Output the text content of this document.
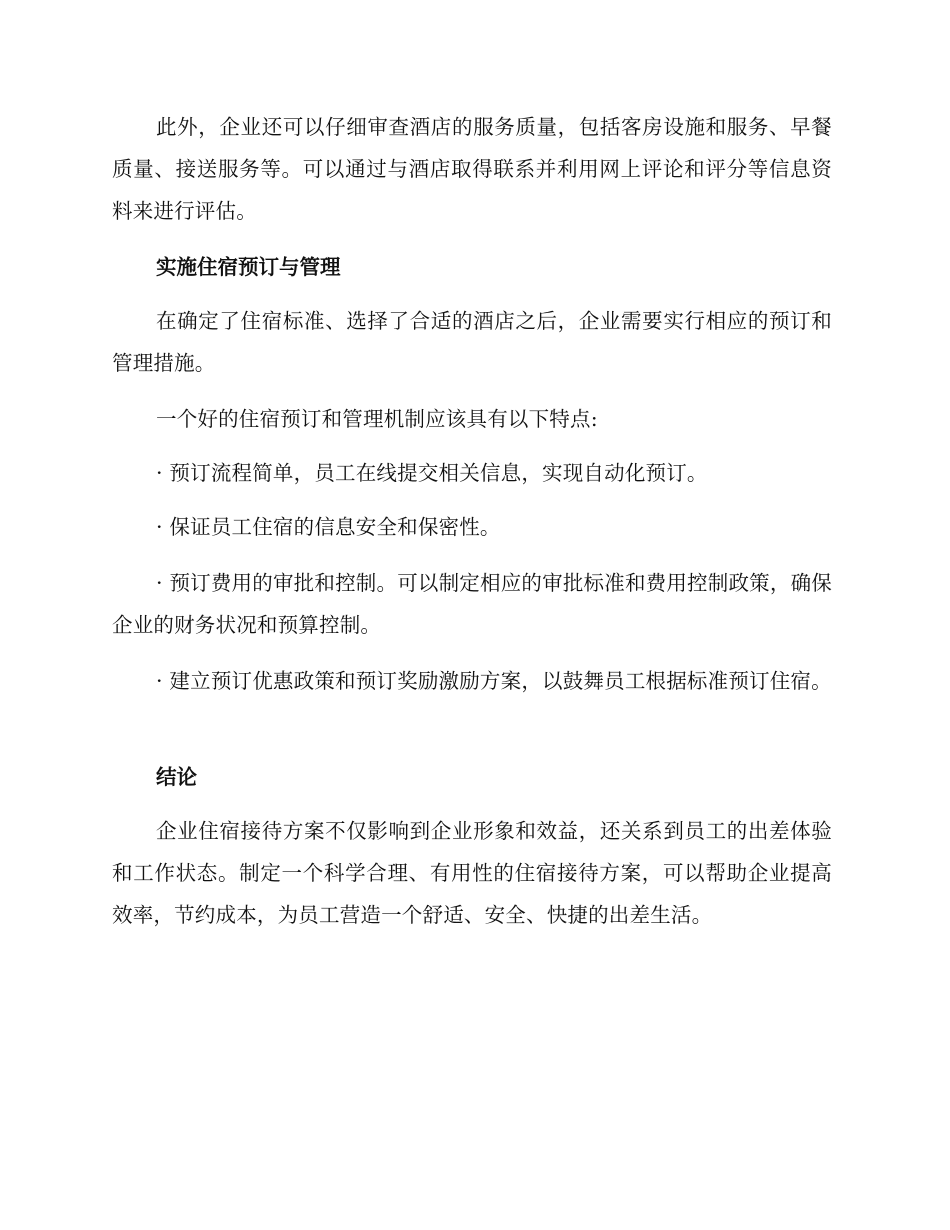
此外，企业还可以仔细审查酒店的服务质量，包括客房设施和服务、早餐质量、接送服务等。可以通过与酒店取得联系并利用网上评论和评分等信息资料来进行评估。

实施住宿预订与管理

在确定了住宿标准、选择了合适的酒店之后，企业需要实行相应的预订和管理措施。

一个好的住宿预订和管理机制应该具有以下特点:

· 预订流程简单，员工在线提交相关信息，实现自动化预订。

· 保证员工住宿的信息安全和保密性。

· 预订费用的审批和控制。可以制定相应的审批标准和费用控制政策，确保企业的财务状况和预算控制。

· 建立预订优惠政策和预订奖励激励方案，以鼓舞员工根据标准预订住宿。

结论

企业住宿接待方案不仅影响到企业形象和效益，还关系到员工的出差体验和工作状态。制定一个科学合理、有用性的住宿接待方案，可以帮助企业提高效率，节约成本，为员工营造一个舒适、安全、快捷的出差生活。
